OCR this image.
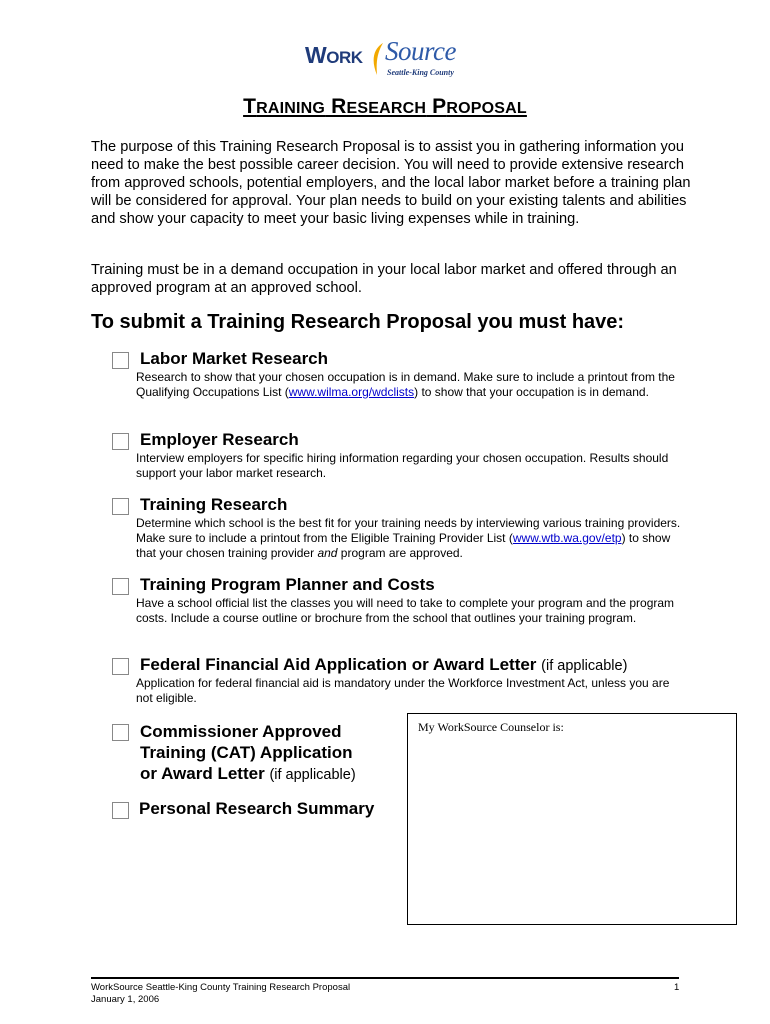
WORK Source
Seattle-King County
TRAINING RESEARCH PROPOSAL
The purpose of this Training Research Proposal is to assist you in gathering information you need to make the best possible career decision. You will need to provide extensive research from approved schools, potential employers, and the local labor market before a training plan will be considered for approval. Your plan needs to build on your existing talents and abilities and show your capacity to meet your basic living expenses while in training.
Training must be in a demand occupation in your local labor market and offered through an approved program at an approved school.
To submit a Training Research Proposal you must have:
Labor Market Research
Research to show that your chosen occupation is in demand. Make sure to include a printout from the Qualifying Occupations List (www.wilma.org/wdclists) to show that your occupation is in demand.
Employer Research
Interview employers for specific hiring information regarding your chosen occupation. Results should support your labor market research.
Training Research
Determine which school is the best fit for your training needs by interviewing various training providers. Make sure to include a printout from the Eligible Training Provider List (www.wtb.wa.gov/etp) to show that your chosen training provider and program are approved.
Training Program Planner and Costs
Have a school official list the classes you will need to take to complete your program and the program costs. Include a course outline or brochure from the school that outlines your training program.
Federal Financial Aid Application or Award Letter (if applicable)
Application for federal financial aid is mandatory under the Workforce Investment Act, unless you are not eligible.
Commissioner Approved
Training (CAT) Application
or Award Letter (if applicable)
Personal Research Summary
My WorkSource Counselor is:
WorkSource Seattle-King County Training Research Proposal
January 1, 2006
1
